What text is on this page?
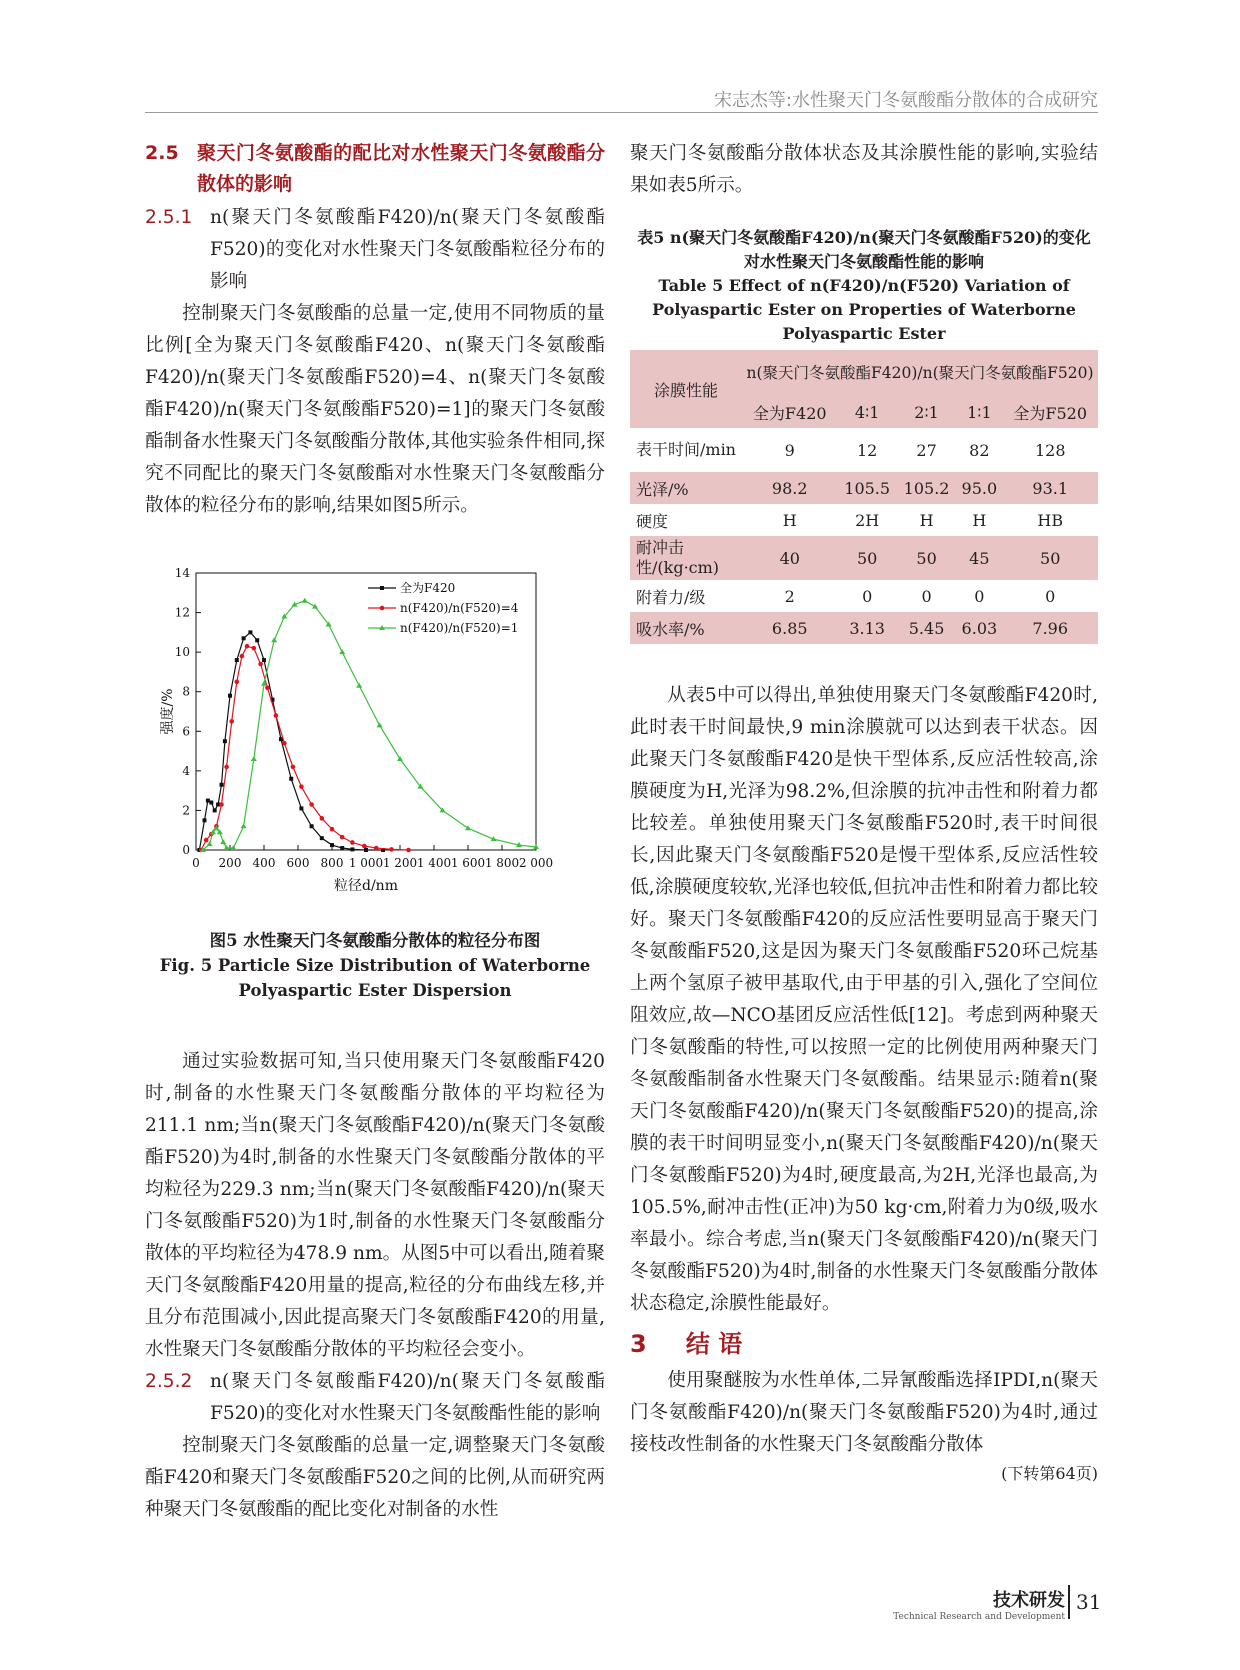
宋志杰等:水性聚天门冬氨酸酯分散体的合成研究
2.5 聚天门冬氨酸酯的配比对水性聚天门冬氨酸酯分散体的影响
2.5.1 n(聚天门冬氨酸酯F420)/n(聚天门冬氨酸酯F520)的变化对水性聚天门冬氨酸酯粒径分布的影响

控制聚天门冬氨酸酯的总量一定,使用不同物质的量比例[全为聚天门冬氨酸酯F420、n(聚天门冬氨酸酯F420)/n(聚天门冬氨酸酯F520)=4、n(聚天门冬氨酸酯F420)/n(聚天门冬氨酸酯F520)=1]的聚天门冬氨酸酯制备水性聚天门冬氨酸酯分散体,其他实验条件相同,探究不同配比的聚天门冬氨酸酯对水性聚天门冬氨酸酯分散体的粒径分布的影响,结果如图5所示。

0 200 400 600 800 1 000 1 200 1 400 1 600 1 800 2 000
0
2
4
6
8
10
12
14
粒径d/nm
强度/%
全为F420
n(F420)/n(F520)=4
n(F420)/n(F520)=1
图5 水性聚天门冬氨酸酯分散体的粒径分布图
Fig. 5 Particle Size Distribution of Waterborne Polyaspartic Ester Dispersion

通过实验数据可知,当只使用聚天门冬氨酸酯F420时,制备的水性聚天门冬氨酸酯分散体的平均粒径为211.1 nm;当n(聚天门冬氨酸酯F420)/n(聚天门冬氨酸酯F520)为4时,制备的水性聚天门冬氨酸酯分散体的平均粒径为229.3 nm;当n(聚天门冬氨酸酯F420)/n(聚天门冬氨酸酯F520)为1时,制备的水性聚天门冬氨酸酯分散体的平均粒径为478.9 nm。从图5中可以看出,随着聚天门冬氨酸酯F420用量的提高,粒径的分布曲线左移,并且分布范围减小,因此提高聚天门冬氨酸酯F420的用量,水性聚天门冬氨酸酯分散体的平均粒径会变小。

2.5.2 n(聚天门冬氨酸酯F420)/n(聚天门冬氨酸酯F520)的变化对水性聚天门冬氨酸酯性能的影响

控制聚天门冬氨酸酯的总量一定,调整聚天门冬氨酸酯F420和聚天门冬氨酸酯F520之间的比例,从而研究两种聚天门冬氨酸酯的配比变化对制备的水性

表5 n(聚天门冬氨酸酯F420)/n(聚天门冬氨酸酯F520)的变化对水性聚天门冬氨酸酯性能的影响
Table 5 Effect of n(F420)/n(F520) Variation of Polyaspartic Ester on Properties of Waterborne Polyaspartic Ester
涂膜性能	n(聚天门冬氨酸酯F420)/n(聚天门冬氨酸酯F520)				
	全为F420	4∶1	2∶1	1∶1	全为F520
表干时间/min	9	12	27	82	128
光泽/%	98.2	105.5	105.2	95.0	93.1
硬度	H	2H	H	H	HB
耐冲击性/(kg·cm)	40	50	50	45	50
附着力/级	2	0	0	0	0
吸水率/%	6.85	3.13	5.45	6.03	7.96

从表5中可以得出,单独使用聚天门冬氨酸酯F420时,此时表干时间最快,9 min涂膜就可以达到表干状态。因此聚天门冬氨酸酯F420是快干型体系,反应活性较高,涂膜硬度为H,光泽为98.2%,但涂膜的抗冲击性和附着力都比较差。单独使用聚天门冬氨酸酯F520时,表干时间很长,因此聚天门冬氨酸酯F520是慢干型体系,反应活性较低,涂膜硬度较软,光泽也较低,但抗冲击性和附着力都比较好。聚天门冬氨酸酯F420的反应活性要明显高于聚天门冬氨酸酯F520,这是因为聚天门冬氨酸酯F520环己烷基上两个氢原子被甲基取代,由于甲基的引入,强化了空间位阻效应,故—NCO基团反应活性低[12]。考虑到两种聚天门冬氨酸酯的特性,可以按照一定的比例使用两种聚天门冬氨酸酯制备水性聚天门冬氨酸酯。结果显示:随着n(聚天门冬氨酸酯F420)/n(聚天门冬氨酸酯F520)的提高,涂膜的表干时间明显变小,n(聚天门冬氨酸酯F420)/n(聚天门冬氨酸酯F520)为4时,硬度最高,为2H,光泽也最高,为105.5%,耐冲击性(正冲)为50 kg·cm,附着力为0级,吸水率最小。综合考虑,当n(聚天门冬氨酸酯F420)/n(聚天门冬氨酸酯F520)为4时,制备的水性聚天门冬氨酸酯分散体状态稳定,涂膜性能最好。

3 结 语

使用聚醚胺为水性单体,二异氰酸酯选择IPDI,n(聚天门冬氨酸酯F420)/n(聚天门冬氨酸酯F520)为4时,通过接枝改性制备的水性聚天门冬氨酸酯分散体

(下转第64页)
聚天门冬氨酸酯分散体状态及其涂膜性能的影响,实验结果如表5所示。
技术研发
Technical Research and Development
31
